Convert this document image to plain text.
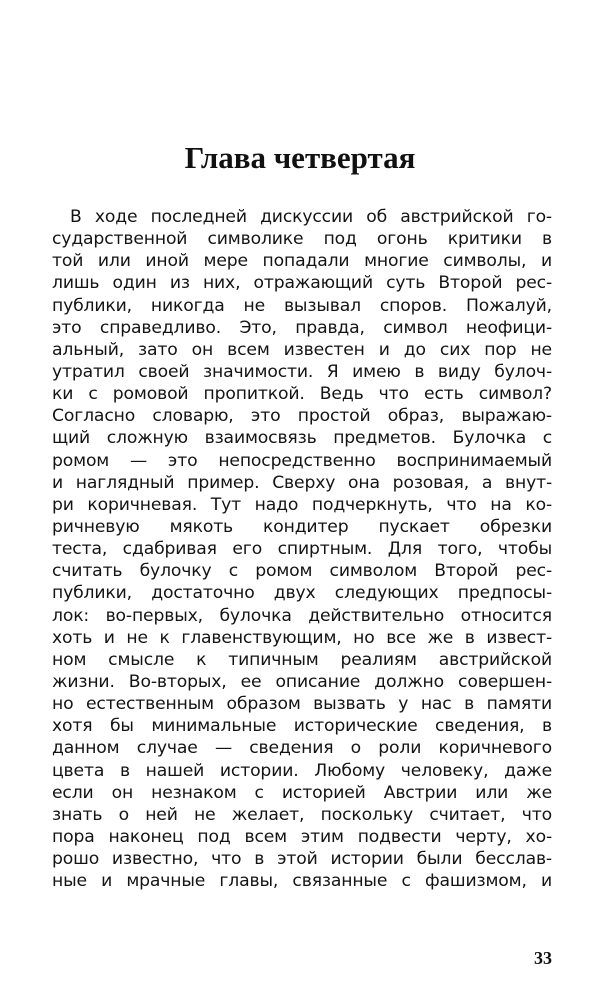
Глава четвертая
В ходе последней дискуссии об австрийской го-
сударственной символике под огонь критики в
той или иной мере попадали многие символы, и
лишь один из них, отражающий суть Второй рес-
публики, никогда не вызывал споров. Пожалуй,
это справедливо. Это, правда, символ неофици-
альный, зато он всем известен и до сих пор не
утратил своей значимости. Я имею в виду булоч-
ки с ромовой пропиткой. Ведь что есть символ?
Согласно словарю, это простой образ, выражаю-
щий сложную взаимосвязь предметов. Булочка с
ромом — это непосредственно воспринимаемый
и наглядный пример. Сверху она розовая, а внут-
ри коричневая. Тут надо подчеркнуть, что на ко-
ричневую мякоть кондитер пускает обрезки
теста, сдабривая его спиртным. Для того, чтобы
считать булочку с ромом символом Второй рес-
публики, достаточно двух следующих предпосы-
лок: во-первых, булочка действительно относится
хоть и не к главенствующим, но все же в извест-
ном смысле к типичным реалиям австрийской
жизни. Во-вторых, ее описание должно совершен-
но естественным образом вызвать у нас в памяти
хотя бы минимальные исторические сведения, в
данном случае — сведения о роли коричневого
цвета в нашей истории. Любому человеку, даже
если он незнаком с историей Австрии или же
знать о ней не желает, поскольку считает, что
пора наконец под всем этим подвести черту, хо-
рошо известно, что в этой истории были бесслав-
ные и мрачные главы, связанные с фашизмом, и
33
